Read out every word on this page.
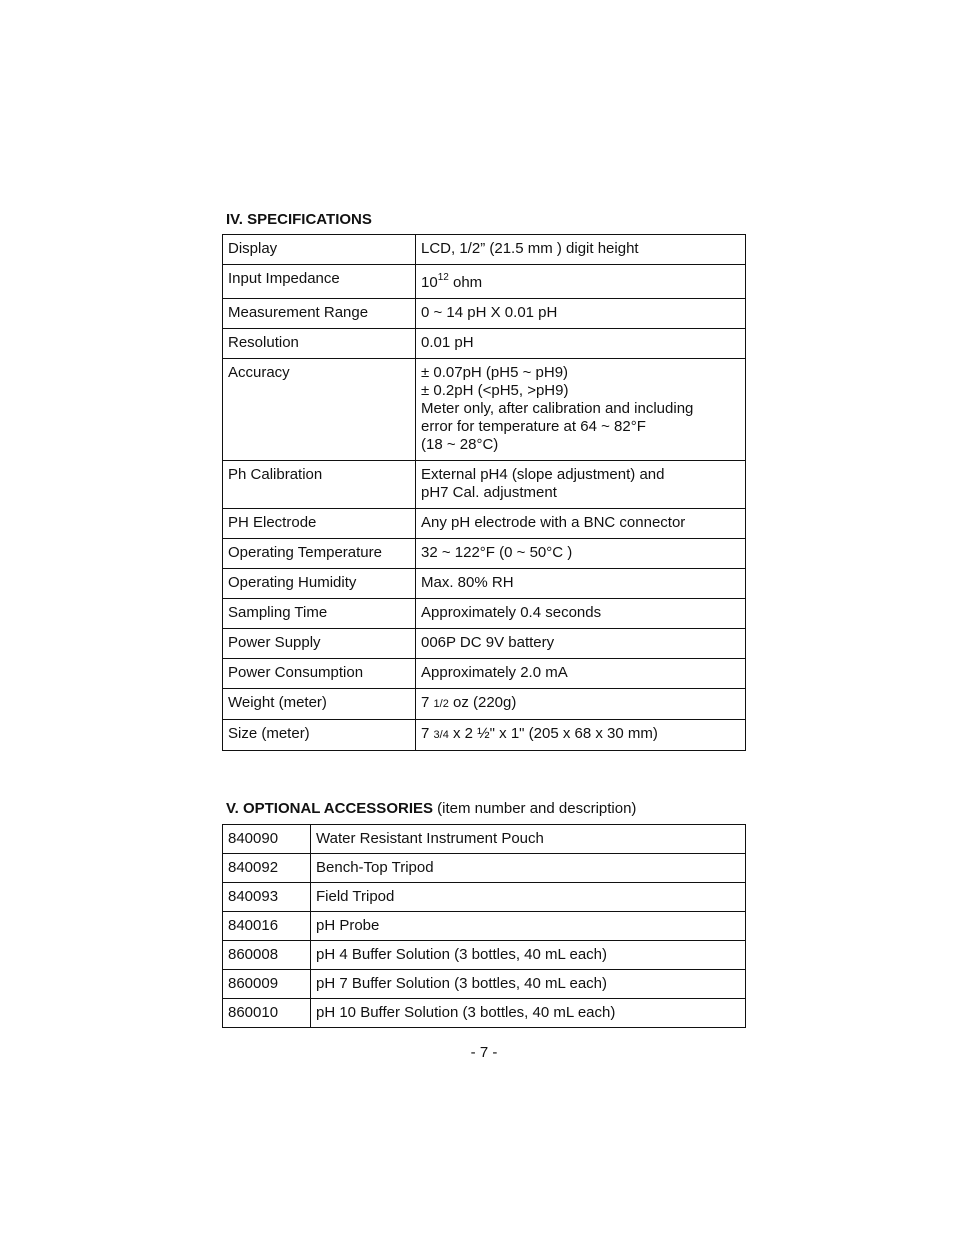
IV. SPECIFICATIONS
Display	LCD, 1/2” (21.5 mm ) digit height

Input Impedance	$10^{12}$ ohm
Measurement Range	0 ~ 14 pH X 0.01 pH

Resolution	0.01 pH

Accuracy	± 0.07pH (pH5 ~ pH9)
± 0.2pH (<pH5, >pH9)
Meter only, after calibration and including
error for temperature at 64 ~ 82°F
(18 ~ 28°C)

Ph Calibration	External pH4 (slope adjustment) and
pH7 Cal. adjustment

PH Electrode	Any pH electrode with a BNC connector

Operating Temperature	32 ~ 122°F (0 ~ 50°C )

Operating Humidity	Max. 80% RH

Sampling Time	Approximately 0.4 seconds

Power Supply	006P DC 9V battery

Power Consumption	Approximately 2.0 mA

Weight (meter)	7 1/2 oz (220g)
Size (meter)	7 3/4 x 2 ½" x 1" (205 x 68 x 30 mm)
V. OPTIONAL ACCESSORIES (item number and description)
840090	Water Resistant Instrument Pouch
840092	Bench-Top Tripod
840093	Field Tripod
840016	pH Probe
860008	pH 4 Buffer Solution (3 bottles, 40 mL each)
860009	pH 7 Buffer Solution (3 bottles, 40 mL each)
860010	pH 10 Buffer Solution (3 bottles, 40 mL each)
- 7 -
